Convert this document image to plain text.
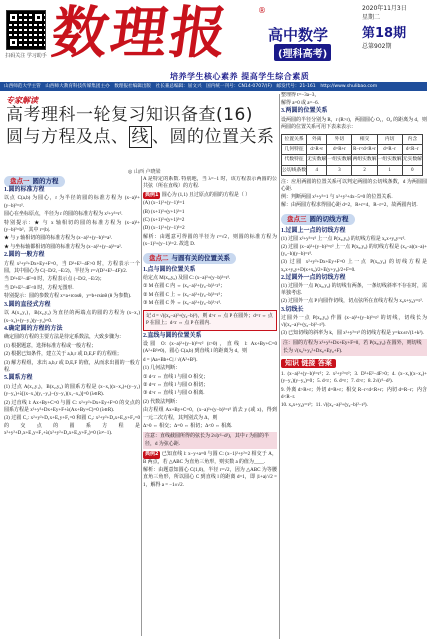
扫码关注 学习助手 数理报	®
高中数学
(理科高考)
2020年11月3日
星期二
第18期
总第902期
培养学生核心素养 提高学生综合素质
山西师范大学主管　山西师大教育科技传媒集团主办　数理报社编辑出版　社长兼总编辑：屈文兴　国内统一刊号：CN14-0707/(F)　邮发代号：21-161　http://www.shulibao.com
专家解读
高考理科一轮复习知识备查(16)
圆与方程及点、 线 、圆的位置关系
◎ 山西 卢晓梁
盘点一 圆的方程

1.圆的标准方程

以点 C(a,b) 为圆心，r 为半径的圆的标准方程为 (x−a)²+(y−b)²=r².

圆心在坐标原点，半径为 r 的圆的标准方程为 x²+y²=r².

特别提示：★ 与 x 轴相切的圆的标准方程为 (x−a)²+(y−b)²=b²，其中 r=|b|.

★ 与 y 轴相切的圆的标准方程为 (x−a)²+(y−b)²=a².

★ 与坐标轴都相切的圆的标准方程为 (x−a)²+(y−a)²=a².

2.圆的一般方程

方程 x²+y²+Dx+Ey+F=0，当 D²+E²−4F>0 时，方程表示一个圆，其中圆心为 C(−D/2, −E/2)，半径为 r=√(D²+E²−4F)/2.

当 D²+E²−4F=0 时，方程表示点 (−D/2, −E/2)；

当 D²+E²−4F<0 时，方程无图形.

特别提示：圆的参数方程 x=a+rcosθ，y=b+rsinθ (θ 为参数).

3.圆的直径式方程

以 A(x₁,y₁)，B(x₂,y₂) 为直径的两端点的圆的方程为 (x−x₁)(x−x₂)+(y−y₁)(y−y₂)=0.

4.确定圆的方程的方法

确定圆的方程的主要方法是待定系数法，大致步骤为：

(1) 根据题意，选择标准方程或一般方程；

(2) 根据已知条件，建立关于 a,b,r 或 D,E,F 的方程组；

(3) 解方程组，求出 a,b,r 或 D,E,F 的值，从而求出圆的一般方程.

5.圆系方程

(1) 过点 A(x₁,y₁)，B(x₂,y₂) 的圆系方程是 (x−x₁)(x−x₂)+(y−y₁)(y−y₂)+λ[(x−x₁)(y₁−y₂)−(y−y₁)(x₁−x₂)]=0 (λ∈R).

(2) 过直线 l: Ax+By+C=0 与圆 C: x²+y²+Dx+Ey+F=0 的交点的圆系方程是 x²+y²+Dx+Ey+F+λ(Ax+By+C)=0 (λ∈R).

(3) 过圆 C₁: x²+y²+D₁x+E₁y+F₁=0 和圆 C₂: x²+y²+D₂x+E₂y+F₂=0 的交点的圆系方程是 x²+y²+D₁x+E₁y+F₁+λ(x²+y²+D₂x+E₂y+F₂)=0 (λ≠−1).

A 是特定的系数. 特别地，当 λ=−1 时，该方程表示两圆的公共弦（所在直线）的方程.

典例1 圆心为 (1,1) 且过原点的圆的方程是（ ）

(A) (x−1)²+(y−1)²=1

(B) (x+1)²+(y+1)²=1

(C) (x+1)²+(y+1)²=2

(D) (x−1)²+(y−1)²=2

解析：由题意可得圆的半径为 r=√2，则圆的标准方程为 (x−1)²+(y−1)²=2. 故选 D.

盘点二 与圆有关的位置关系

1.点与圆的位置关系

给定点 M(x₀,y₀) 及圆 C: (x−a)²+(y−b)²=r².

① M 在圆 C 内 ⇔ (x₀−a)²+(y₀−b)²<r²；

② M 在圆 C 上 ⇔ (x₀−a)²+(y₀−b)²=r²；

③ M 在圆 C 外 ⇔ (x₀−a)²+(y₀−b)²>r².

记 d = √((x₀−a)²+(y₀−b)²)，则 d>r ⇔ 点 P 在圆外；d=r ⇔ 点 P 在圆上；d<r ⇔ 点 P 在圆内.

2.直线与圆的位置关系

设圆 O: (x−a)²+(y−b)²=r² (r>0)，直线 l: Ax+By+C=0 (A²+B²≠0)，圆心 C(a,b) 到直线 l 的距离为 d，则

d = |Aa+Bb+C| / √(A²+B²).

(1) 几何法判断：

① d<r ⇔ 直线 l 与圆 O 相交；

② d=r ⇔ 直线 l 与圆 O 相切；

③ d>r ⇔ 直线 l 与圆 O 相离.

(2) 代数法判断：

由方程组 Ax+By+C=0，(x−a)²+(y−b)²=r² 消去 y (或 x)，得到一元二次方程，其判别式为 Δ，则

Δ>0 ⇔ 相交；Δ=0 ⇔ 相切；Δ<0 ⇔ 相离.

注意：直线截圆所得的弦长为 2√(r²−d²)，其中 r 为圆的半径，d 为弦心距.

典例2 已知直线 l: x−y+a=0 与圆 C: (x−1)²+y²=2 相交于 A，B 两点，若 △ABC 为直角三角形，则实数 a 的值为____.

解析：由题意知圆心 C(1,0)，半径 r=√2，因为 △ABC 为等腰直角三角形，所以圆心 C 到直线 l 的距离 d=1，即 |1+a|/√2 = 1，解得 a = −1±√2.

整理得 t=−3a−3，

解得 a=0 或 a=−6.

3.两圆的位置关系

设两圆的半径分别为 R，r (R>r)，两圆圆心 O₁，O₂ 的距离为 d，则两圆的位置关系可用下表来表示：

位置关系	外离	外切	相交	内切	内含
几何特征	d>R+r	d=R+r	R−r<d<R+r	d=R−r	d<R−r
代数特征	无实数解	一组实数解	两组实数解	一组实数解	无实数解
公切线条数	4	3	2	1	0

注：应用两圆的位置关系可以判定两圆的公切线条数，d 为两圆圆心距.

例：判断两圆 x²+y²=1 与 x²+y²+4x−5=0 的位置关系.

解：由两圆方程求得圆心距 d=2，R+r=4，R−r=2，故两圆内切.

盘点三 圆的切线方程

1.过圆上一点的切线方程

(1) 过圆 x²+y²=r² 上一点 P(x₀,y₀) 的切线方程是 x₀x+y₀y=r².

(2) 过圆 (x−a)²+(y−b)²=r² 上一点 P(x₀,y₀) 的切线方程是 (x₀−a)(x−a)+(y₀−b)(y−b)=r².

(3) 过圆 x²+y²+Dx+Ey+F=0 上一点 P(x₀,y₀) 的切线方程是 x₀x+y₀y+D(x+x₀)/2+E(y+y₀)/2+F=0.

2.过圆外一点的切线方程

(1) 过圆外一点 P(x₀,y₀) 的切线有两条，一条切线斜率不存在时，需单独考虑.

(2) 过圆外一点 P 向圆作切线，切点弦所在直线方程为 x₀x+y₀y=r².

3.切线长

过圆外一点 P(x₀,y₀) 作圆 (x−a)²+(y−b)²=r² 的切线，切线长为 √((x₀−a)²+(y₀−b)²−r²).

(3) 已知切线的斜率为 k，圆 x²+y²=r² 的切线方程是 y=kx±r√(1+k²).

注：圆的方程为 x²+y²+Dx+Ey+F=0，若 P(x₀,y₀) 在圆外，则切线长为 √(x₀²+y₀²+Dx₀+Ey₀+F).
知识 链接 答案

1. (x−a)²+(y−b)²=r²；2. x²+y²=r²；3. D²+E²−4F>0；4. (x−x₁)(x−x₂)+(y−y₁)(y−y₂)=0；5. d<r；6. d=r；7. d>r；8. 2√(r²−d²).

9. 外离 d>R+r；外切 d=R+r；相交 R−r<d<R+r；内切 d=R−r；内含 d<R−r.

10. x₀x+y₀y=r²；11. √((x₀−a)²+(y₀−b)²−r²).
